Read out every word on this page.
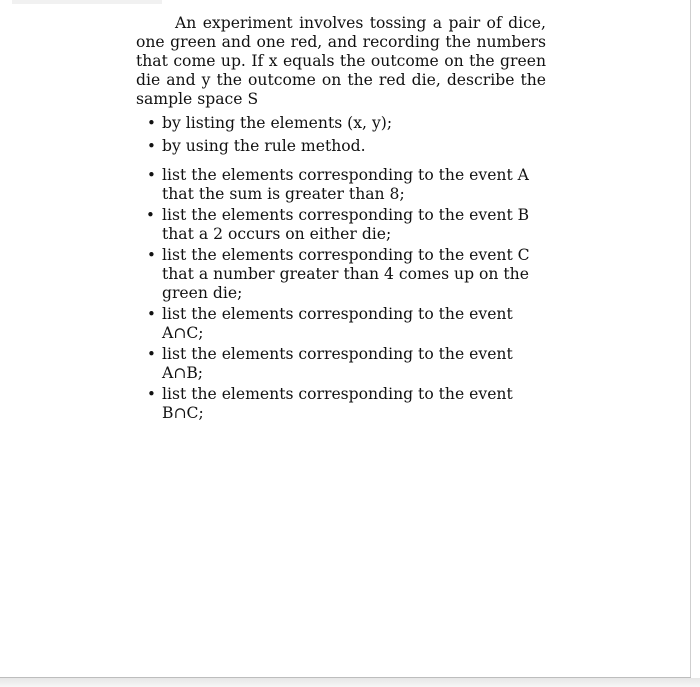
An experiment involves tossing a pair of dice, one green and one red, and recording the numbers that come up. If x equals the outcome on the green die and y the outcome on the red die, describe the sample space S

• by listing the elements (x, y);
• by using the rule method.
• list the elements corresponding to the event A that the sum is greater than 8;
• list the elements corresponding to the event B that a 2 occurs on either die;
• list the elements corresponding to the event C that a number greater than 4 comes up on the green die;
• list the elements corresponding to the event A∩C;
• list the elements corresponding to the event A∩B;
• list the elements corresponding to the event B∩C;
